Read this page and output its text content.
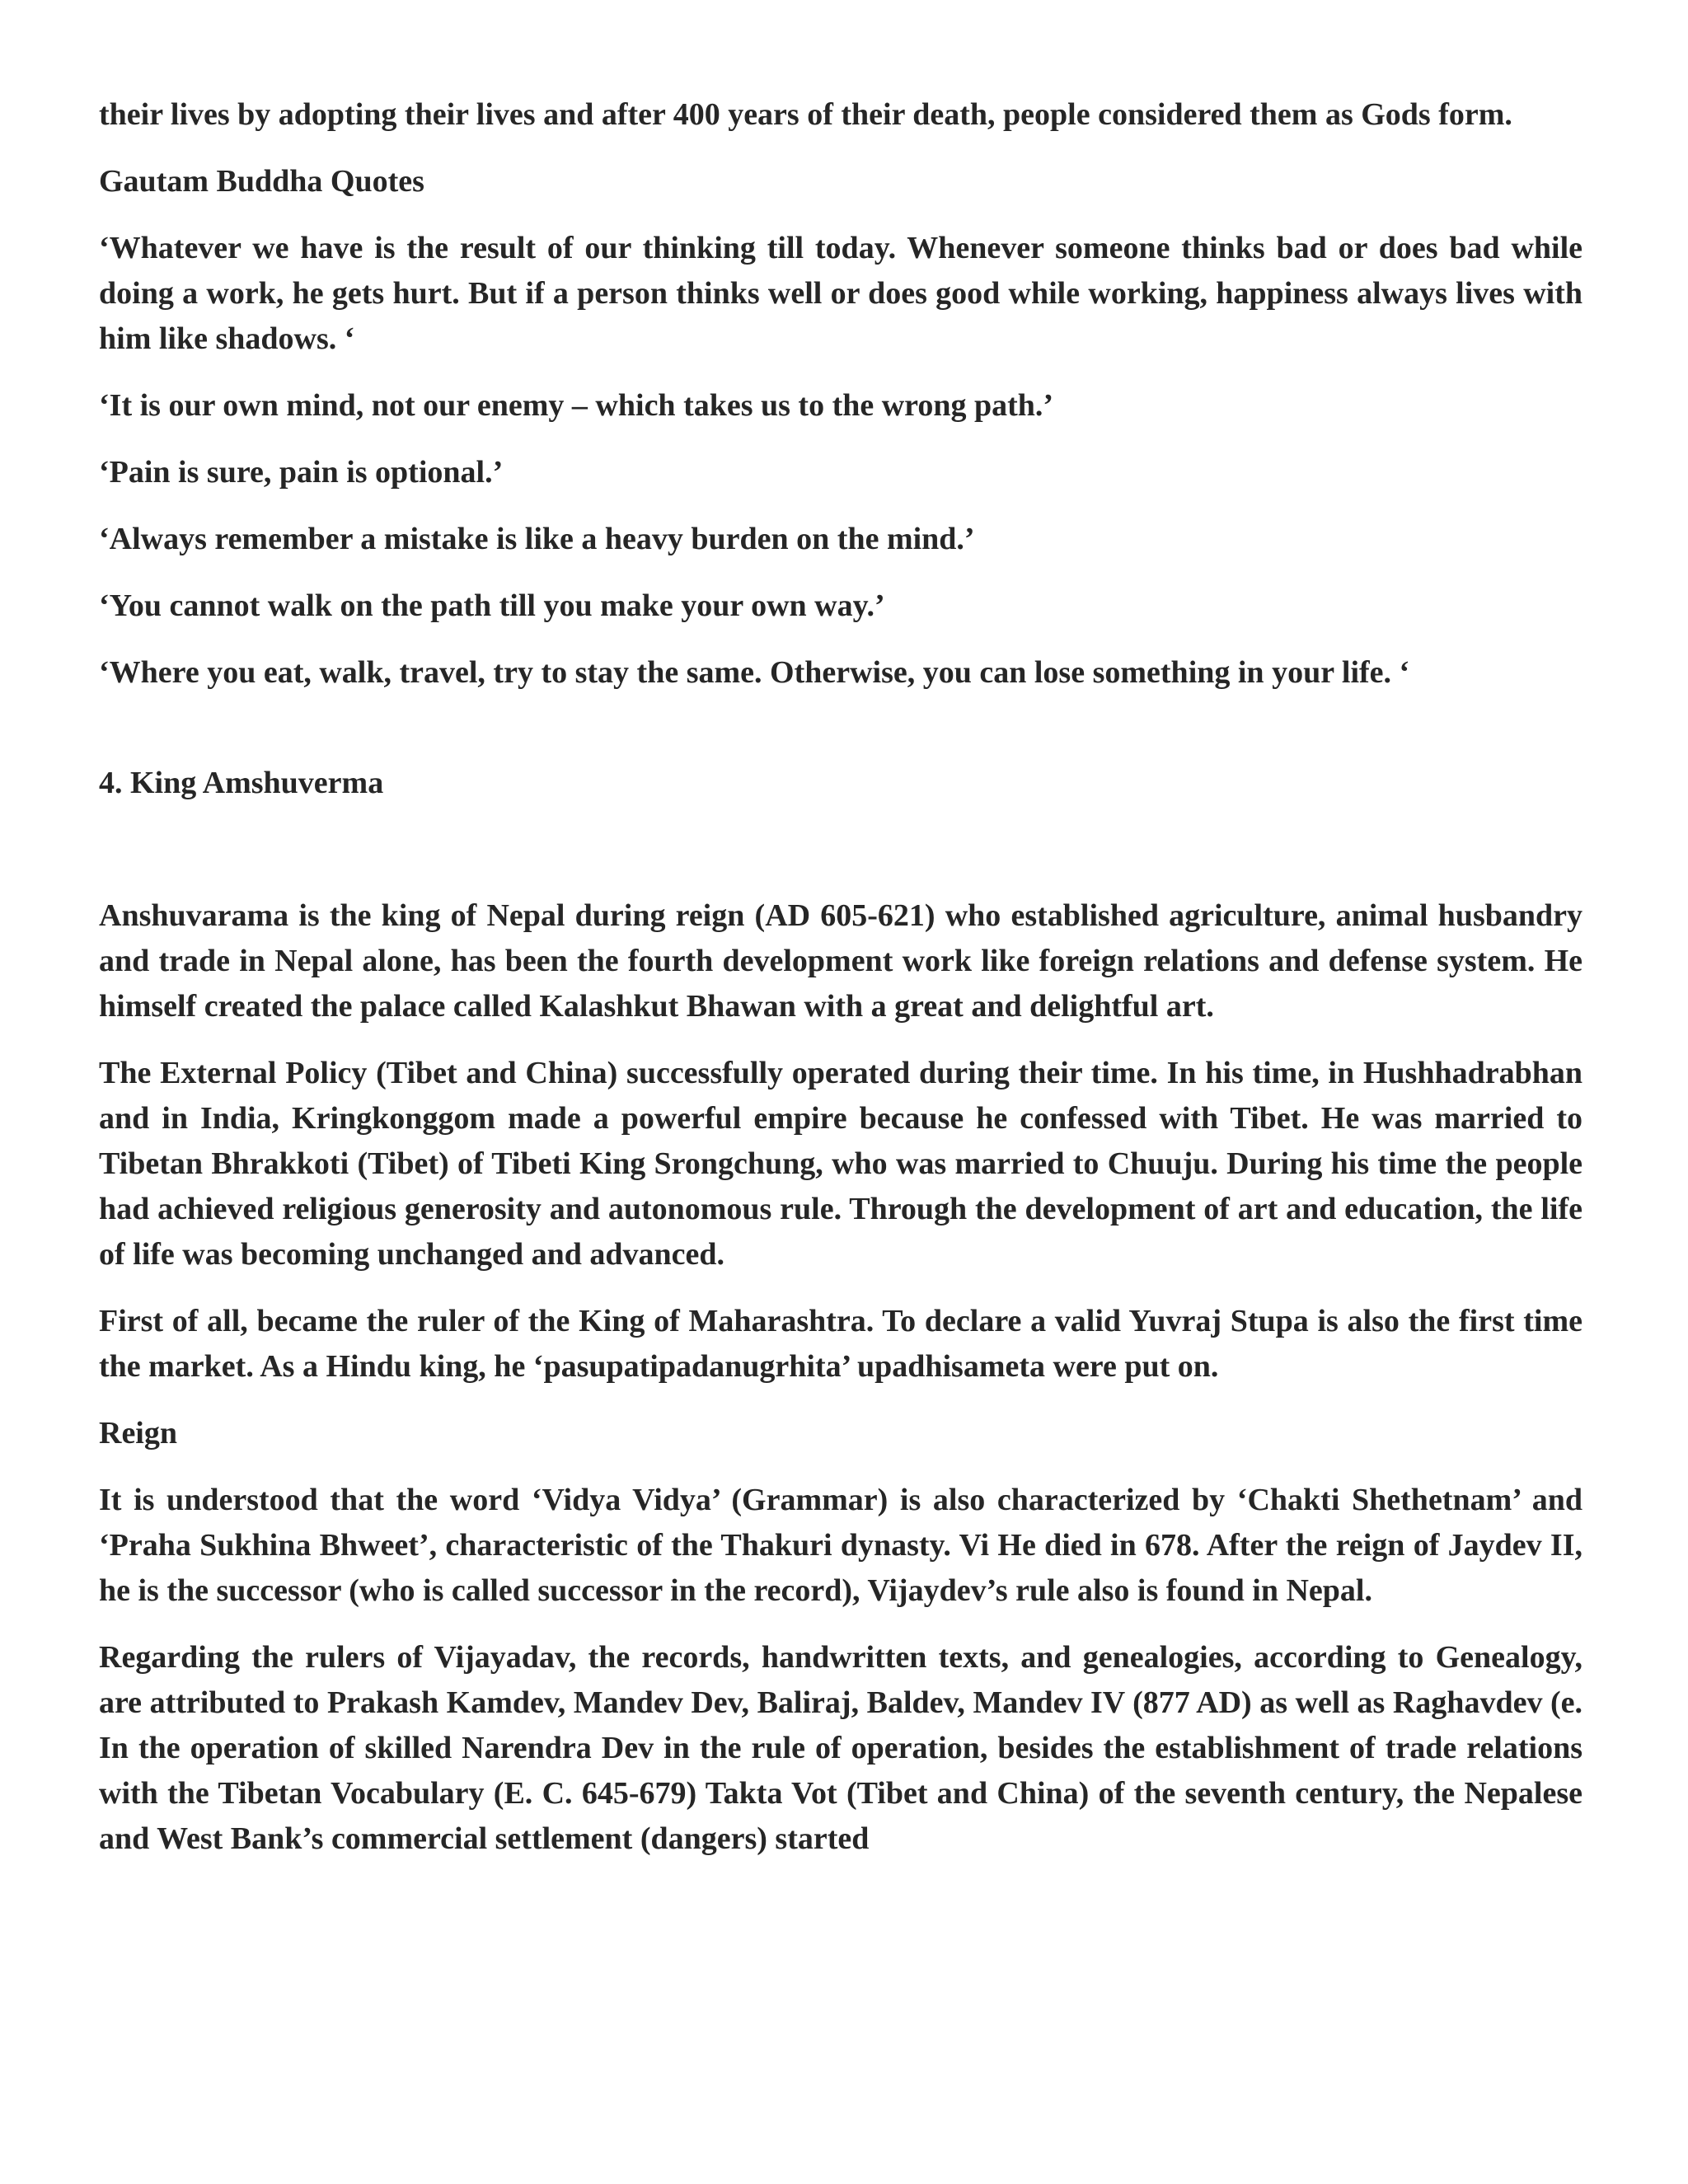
their lives by adopting their lives and after 400 years of their death, people considered them as Gods form.

Gautam Buddha Quotes

‘Whatever we have is the result of our thinking till today. Whenever someone thinks bad or does bad while doing a work, he gets hurt. But if a person thinks well or does good while working, happiness always lives with him like shadows. ‘

‘It is our own mind, not our enemy – which takes us to the wrong path.’

‘Pain is sure, pain is optional.’

‘Always remember a mistake is like a heavy burden on the mind.’

‘You cannot walk on the path till you make your own way.’

‘Where you eat, walk, travel, try to stay the same. Otherwise, you can lose something in your life. ‘

4. King Amshuverma

Anshuvarama is the king of Nepal during reign (AD 605-621) who established agriculture, animal husbandry and trade in Nepal alone, has been the fourth development work like foreign relations and defense system. He himself created the palace called Kalashkut Bhawan with a great and delightful art.

The External Policy (Tibet and China) successfully operated during their time. In his time, in Hushhadrabhan and in India, Kringkonggom made a powerful empire because he confessed with Tibet. He was married to Tibetan Bhrakkoti (Tibet) of Tibeti King Srongchung, who was married to Chuuju. During his time the people had achieved religious generosity and autonomous rule. Through the development of art and education, the life of life was becoming unchanged and advanced.

First of all, became the ruler of the King of Maharashtra. To declare a valid Yuvraj Stupa is also the first time the market. As a Hindu king, he ‘pasupatipadanugrhita’ upadhisameta were put on.

Reign

It is understood that the word ‘Vidya Vidya’ (Grammar) is also characterized by ‘Chakti Shethetnam’ and ‘Praha Sukhina Bhweet’, characteristic of the Thakuri dynasty. Vi He died in 678. After the reign of Jaydev II, he is the successor (who is called successor in the record), Vijaydev’s rule also is found in Nepal.

Regarding the rulers of Vijayadav, the records, handwritten texts, and genealogies, according to Genealogy, are attributed to Prakash Kamdev, Mandev Dev, Baliraj, Baldev, Mandev IV (877 AD) as well as Raghavdev (e. In the operation of skilled Narendra Dev in the rule of operation, besides the establishment of trade relations with the Tibetan Vocabulary (E. C. 645-679) Takta Vot (Tibet and China) of the seventh century, the Nepalese and West Bank’s commercial settlement (dangers) started
